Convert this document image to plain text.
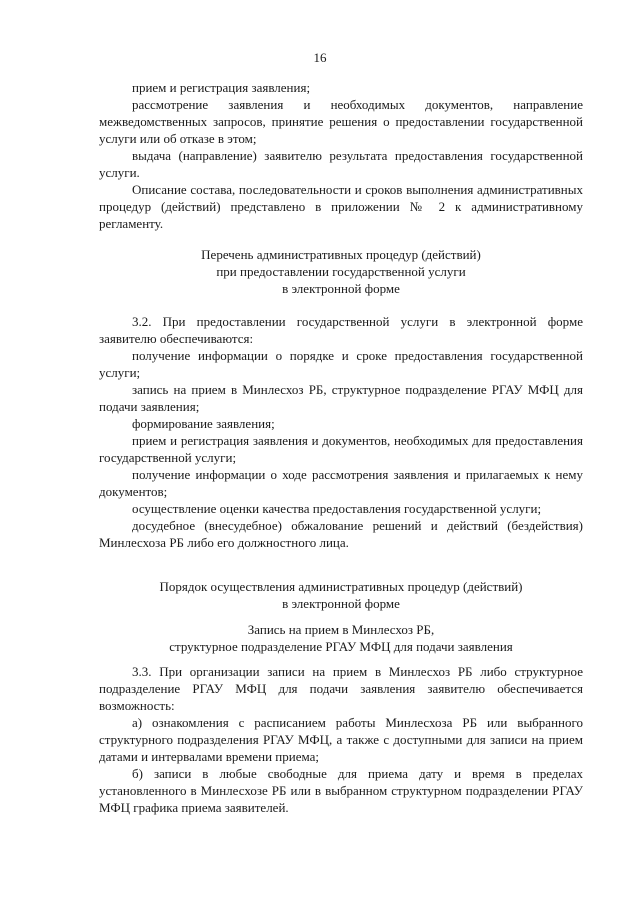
16

прием и регистрация заявления;

рассмотрение заявления и необходимых документов, направление межведомственных запросов, принятие решения о предоставлении государственной услуги или об отказе в этом;

выдача (направление) заявителю результата предоставления государственной услуги.

Описание состава, последовательности и сроков выполнения административных процедур (действий) представлено в приложении № 2 к административному регламенту.

Перечень административных процедур (действий)
при предоставлении государственной услуги
в электронной форме

3.2. При предоставлении государственной услуги в электронной форме заявителю обеспечиваются:

получение информации о порядке и сроке предоставления государственной услуги;

запись на прием в Минлесхоз РБ, структурное подразделение РГАУ МФЦ для подачи заявления;

формирование заявления;

прием и регистрация заявления и документов, необходимых для предоставления государственной услуги;

получение информации о ходе рассмотрения заявления и прилагаемых к нему документов;

осуществление оценки качества предоставления государственной услуги;

досудебное (внесудебное) обжалование решений и действий (бездействия) Минлесхоза РБ либо его должностного лица.

Порядок осуществления административных процедур (действий)
в электронной форме

Запись на прием в Минлесхоз РБ,
структурное подразделение РГАУ МФЦ для подачи заявления

3.3. При организации записи на прием в Минлесхоз РБ либо структурное подразделение РГАУ МФЦ для подачи заявления заявителю обеспечивается возможность:

а) ознакомления с расписанием работы Минлесхоза РБ или выбранного структурного подразделения РГАУ МФЦ, а также с доступными для записи на прием датами и интервалами времени приема;

б) записи в любые свободные для приема дату и время в пределах установленного в Минлесхозе РБ или в выбранном структурном подразделении РГАУ МФЦ графика приема заявителей.
